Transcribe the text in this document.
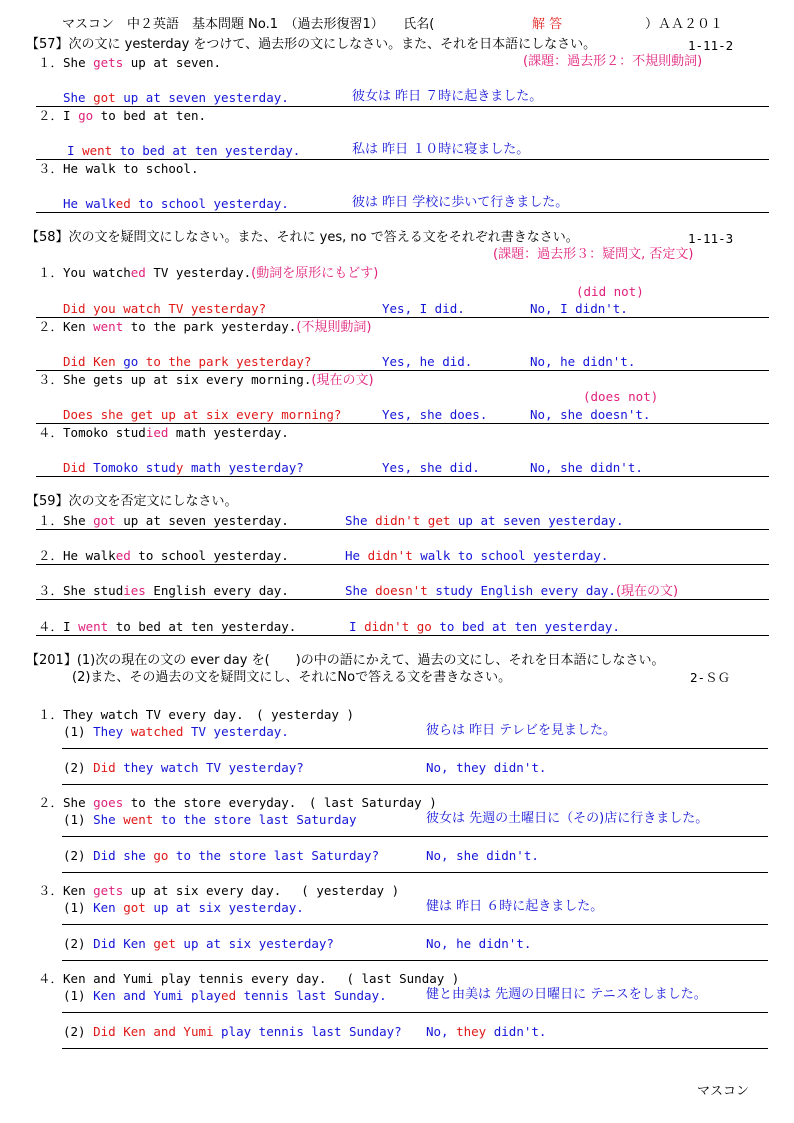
マスコン　中２英語　基本問題 No.1　（過去形復習1）　　氏名(	解 答	）ＡＡ２０１
【57】次の文に yesterday をつけて、過去形の文にしなさい。また、それを日本語にしなさい。	1-11-2
(課題：過去形２：不規則動詞)
１．She gets up at seven.
She got up at seven yesterday.	彼女は 昨日 ７時に起きました。
２．I go to bed at ten.
I went to bed at ten yesterday.	私は 昨日 １０時に寝ました。
３．He walk to school.
He walked to school yesterday.	彼は 昨日 学校に歩いて行きました。
【58】次の文を疑問文にしなさい。また、それに yes, no で答える文をそれぞれ書きなさい。	1-11-3
(課題：過去形３：疑問文, 否定文)
１．You watched TV yesterday.(動詞を原形にもどす)
(did not)
Did you watch TV yesterday?	Yes, I did.	No, I didn't.
２．Ken went to the park yesterday.(不規則動詞)
Did Ken go to the park yesterday?	Yes, he did.	No, he didn't.
３．She gets up at six every morning.(現在の文)
(does not)
Does she get up at six every morning?	Yes, she does.	No, she doesn't.
４．Tomoko studied math yesterday.
Did Tomoko study math yesterday?	Yes, she did.	No, she didn't.
【59】次の文を否定文にしなさい。
１．She got up at seven yesterday.	She didn't get up at seven yesterday.
２．He walked to school yesterday.	He didn't walk to school yesterday.
３．She studies English every day.	She doesn't study English every day.(現在の文)
４．I went to bed at ten yesterday.	I didn't go to bed at ten yesterday.
【201】(1)次の現在の文の ever day を(　　)の中の語にかえて、過去の文にし、それを日本語にしなさい。
(2)また、その過去の文を疑問文にし、それにNoで答える文を書きなさい。	2-ＳＧ
１．They watch TV every day.　( yesterday )
(1) They watched TV yesterday.	彼らは 昨日 テレビを見ました。
(2) Did they watch TV yesterday?	No, they didn't.
２．She goes to the store everyday.　( last Saturday )
(1) She went to the store last Saturday	彼女は 先週の土曜日に（その)店に行きました。
(2) Did she go to the store last Saturday?	No, she didn't.
３．Ken gets up at six every day.　 ( yesterday )
(1) Ken got up at six yesterday.	健は 昨日 ６時に起きました。
(2) Did Ken get up at six yesterday?	No, he didn't.
４．Ken and Yumi play tennis every day.　 ( last Sunday )
(1) Ken and Yumi played tennis last Sunday.	健と由美は 先週の日曜日に テニスをしました。
(2) Did Ken and Yumi play tennis last Sunday? No, they didn't.
マスコン
